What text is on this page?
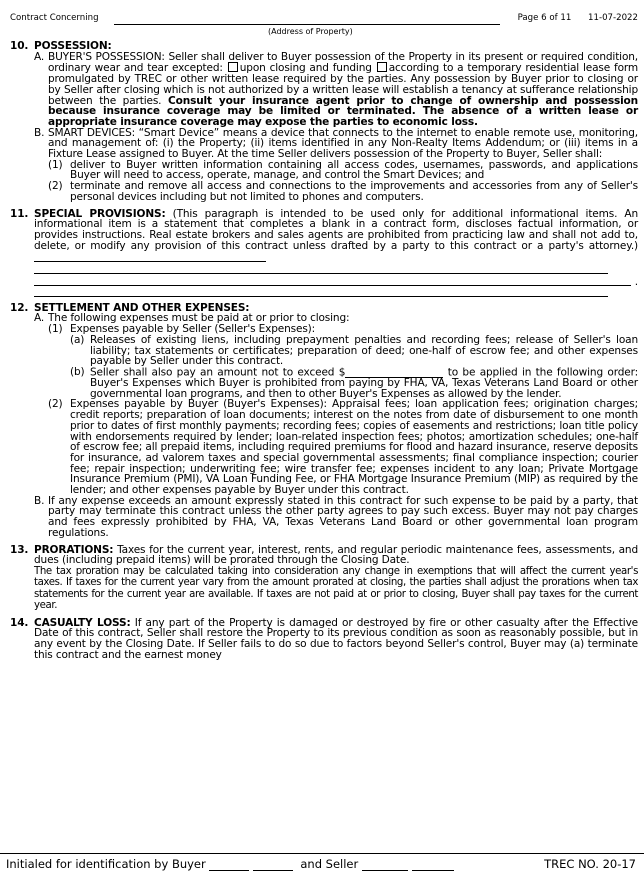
Contract Concerning	Page 6 of 11 11-07-2022
(Address of Property)
10. POSSESSION:
A. BUYER'S POSSESSION: Seller shall deliver to Buyer possession of the Property in its present or required condition, ordinary wear and tear excepted: upon closing and funding according to a temporary residential lease form promulgated by TREC or other written lease required by the parties. Any possession by Buyer prior to closing or by Seller after closing which is not authorized by a written lease will establish a tenancy at sufferance relationship between the parties. Consult your insurance agent prior to change of ownership and possession because insurance coverage may be limited or terminated. The absence of a written lease or appropriate insurance coverage may expose the parties to economic loss.
B. SMART DEVICES: “Smart Device” means a device that connects to the internet to enable remote use, monitoring, and management of: (i) the Property; (ii) items identified in any Non-Realty Items Addendum; or (iii) items in a Fixture Lease assigned to Buyer. At the time Seller delivers possession of the Property to Buyer, Seller shall:
(1) deliver to Buyer written information containing all access codes, usernames, passwords, and applications Buyer will need to access, operate, manage, and control the Smart Devices; and
(2) terminate and remove all access and connections to the improvements and accessories from any of Seller's personal devices including but not limited to phones and computers.
11. SPECIAL PROVISIONS: (This paragraph is intended to be used only for additional informational items. An informational item is a statement that completes a blank in a contract form, discloses factual information, or provides instructions. Real estate brokers and sales agents are prohibited from practicing law and shall not add to, delete, or modify any provision of this contract unless drafted by a party to this contract or a party's attorney.)

.
12. SETTLEMENT AND OTHER EXPENSES:
A. The following expenses must be paid at or prior to closing:
(1) Expenses payable by Seller (Seller's Expenses):
(a) Releases of existing liens, including prepayment penalties and recording fees; release of Seller's loan liability; tax statements or certificates; preparation of deed; one-half of escrow fee; and other expenses payable by Seller under this contract.
(b) Seller shall also pay an amount not to exceed $	to be applied in the following order: Buyer's Expenses which Buyer is prohibited from paying by FHA, VA, Texas Veterans Land Board or other governmental loan programs, and then to other Buyer's Expenses as allowed by the lender.

(2) Expenses payable by Buyer (Buyer's Expenses): Appraisal fees; loan application fees; origination charges; credit reports; preparation of loan documents; interest on the notes from date of disbursement to one month prior to dates of first monthly payments; recording fees; copies of easements and restrictions; loan title policy with endorsements required by lender; loan-related inspection fees; photos; amortization schedules; one-half of escrow fee; all prepaid items, including required premiums for flood and hazard insurance, reserve deposits for insurance, ad valorem taxes and special governmental assessments; final compliance inspection; courier fee; repair inspection; underwriting fee; wire transfer fee; expenses incident to any loan; Private Mortgage Insurance Premium (PMI), VA Loan Funding Fee, or FHA Mortgage Insurance Premium (MIP) as required by the lender; and other expenses payable by Buyer under this contract.
B. If any expense exceeds an amount expressly stated in this contract for such expense to be paid by a party, that party may terminate this contract unless the other party agrees to pay such excess. Buyer may not pay charges and fees expressly prohibited by FHA, VA, Texas Veterans Land Board or other governmental loan program regulations.
13. PRORATIONS: Taxes for the current year, interest, rents, and regular periodic maintenance fees, assessments, and dues (including prepaid items) will be prorated through the Closing Date.

The tax proration may be calculated taking into consideration any change in exemptions that will affect the current year's taxes. If taxes for the current year vary from the amount prorated at closing, the parties shall adjust the prorations when tax statements for the current year are available. If taxes are not paid at or prior to closing, Buyer shall pay taxes for the current year.

14. CASUALTY LOSS: If any part of the Property is damaged or destroyed by fire or other casualty after the Effective Date of this contract, Seller shall restore the Property to its previous condition as soon as reasonably possible, but in any event by the Closing Date. If Seller fails to do so due to factors beyond Seller's control, Buyer may (a) terminate this contract and the earnest money

Initialed for identification by Buyer	and Seller	TREC NO. 20-17
